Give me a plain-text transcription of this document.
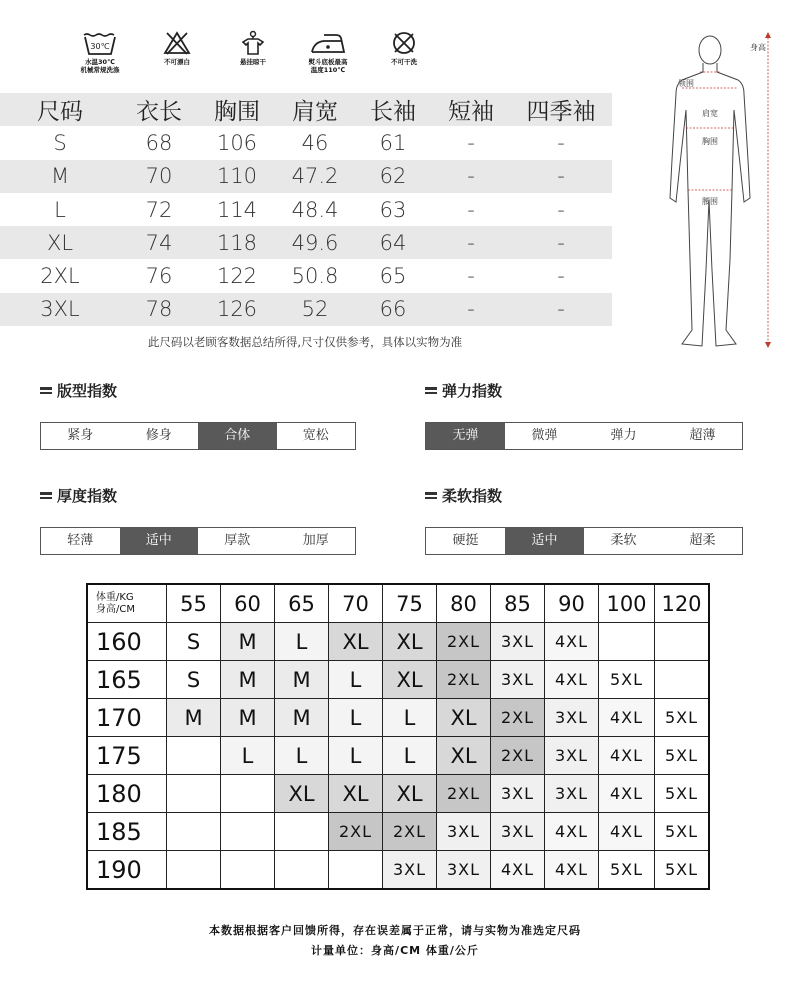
30℃
水温30℃
机械常规洗涤
不可漂白	悬挂晾干	熨斗底板最高
温度110℃
不可干洗
尺码	衣长	胸围	肩宽	长袖	短袖	四季袖
S	68	106	46	61	-	-
M	70	110	47.2	62	-	-
L	72	114	48.4	63	-	-
XL	74	118	49.6	64	-	-
2XL	76	122	50.8	65	-	-
3XL	78	126	52	66	-	-
此尺码以老顾客数据总结所得,尺寸仅供参考，具体以实物为准
身高
领围
肩宽
胸围
腰围
版型指数
紧身	修身	合体	宽松
弹力指数
无弹	微弹	弹力	超薄
厚度指数
轻薄	适中	厚款	加厚
柔软指数
硬挺	适中	柔软	超柔
体重/KG
身高/CM	55	60	65	70	75	80	85	90	100	120
160	S	M	L	XL	XL	2XL	3XL	4XL		
165	S	M	M	L	XL	2XL	3XL	4XL	5XL	
170	M	M	M	L	L	XL	2XL	3XL	4XL	5XL
175		L	L	L	L	XL	2XL	3XL	4XL	5XL
180			XL	XL	XL	2XL	3XL	3XL	4XL	5XL
185				2XL	2XL	3XL	3XL	4XL	4XL	5XL
190					3XL	3XL	4XL	4XL	5XL	5XL
本数据根据客户回馈所得，存在误差属于正常，请与实物为准选定尺码
计量单位：身高/CM 体重/公斤
